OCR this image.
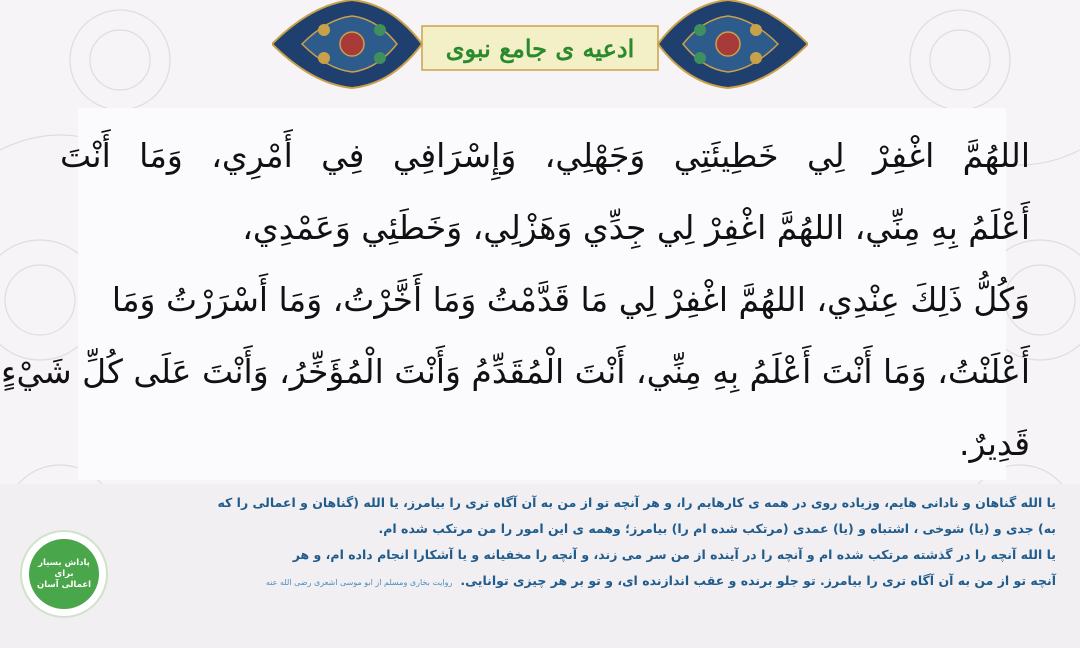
ادعیه ی جامع نبوی
اللهُمَّ اغْفِرْ لِي خَطِيئَتِي وَجَهْلِي، وَإِسْرَافِي فِي أَمْرِي، وَمَا أَنْتَ
أَعْلَمُ بِهِ مِنِّي، اللهُمَّ اغْفِرْ لِي جِدِّي وَهَزْلِي، وَخَطَئِي وَعَمْدِي،
وَكُلُّ ذَلِكَ عِنْدِي، اللهُمَّ اغْفِرْ لِي مَا قَدَّمْتُ وَمَا أَخَّرْتُ، وَمَا أَسْرَرْتُ وَمَا
أَعْلَنْتُ، وَمَا أَنْتَ أَعْلَمُ بِهِ مِنِّي، أَنْتَ الْمُقَدِّمُ وَأَنْتَ الْمُؤَخِّرُ، وَأَنْتَ عَلَى كُلِّ شَيْءٍ
قَدِيرٌ.
یا الله گناهان و نادانی هایم، وزیاده روی در همه ی کارهایم را، و هر آنچه تو از من به آن آگاه تری را بیامرز، یا الله (گناهان و اعمالی را که
به) جدی و (یا) شوخی ، اشتباه و (یا) عمدی (مرتکب شده ام را) بیامرز؛ وهمه ی این امور را من مرتکب شده ام.
یا الله آنچه را در گذشته مرتکب شده ام و آنچه را در آینده از من سر می زند، و آنچه را مخفیانه و یا آشکارا انجام داده ام، و هر
آنچه تو از من به آن آگاه تری را بیامرز. تو جلو برنده و عقب اندازنده ای، و تو بر هر چیزی توانایی.روایت بخاری ومسلم از ابو موسی اشعری رضی الله عنه
پاداش بسیار
برای
اعمالی آسان
